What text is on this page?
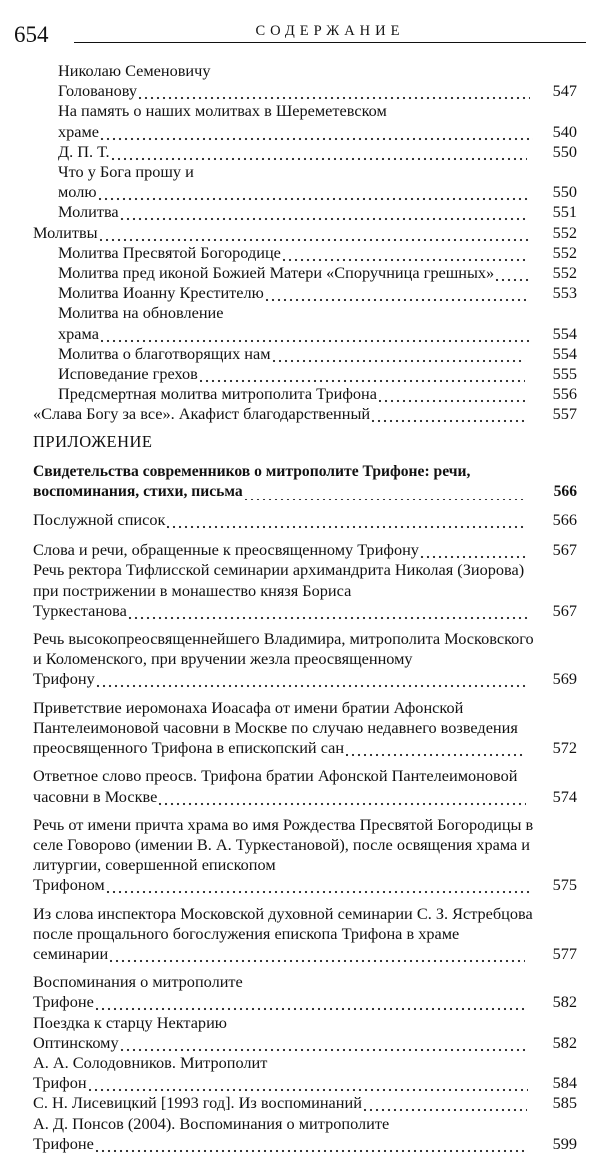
654	СОДЕРЖАНИЕ
Николаю Семеновичу Голованову                                                	547
На память о наших молитвах в Шереметевском храме                                                     	540
Д. П. Т.                                                   	550
Что у Бога прошу и молю                                                     	550
Молитва                                                  	551
Молитвы                                                     	552
Молитва Пресвятой Богородице                              	552
Молитва пред иконой Божией Матери «Споручница грешных»    	552
Молитва Иоанну Крестителю                                	553
Молитва на обновление храма                                                     	554
Молитва о благотворящих нам                               	554
Исповедание грехов                                        	555
Предсмертная молитва митрополита Трифона                  	556
«Слава Богу за все». Акафист благодарственный                   	557
ПРИЛОЖЕНИЕ
Свидетельства современников о митрополите Трифоне: речи, воспоминания, стихи, письма                                    	566
Послужной список                                            	566
Слова и речи, обращенные к преосвященному Трифону             	567
Речь ректора Тифлисской семинарии архимандрита Николая (Зиорова) при пострижении в монашество князя Бориса Туркестанова                                                 	567
Речь высокопреосвященнейшего Владимира, митрополита Московского и Коломенского, при вручении жезла преосвященному Трифону                                                     	569
Приветствие иеромонаха Иоасафа от имени братии Афонской Пантелеимоновой часовни в Москве по случаю недавнего возведения преосвященного Трифона в епископский сан                      	572
Ответное слово преосв. Трифона братии Афонской Пантелеимоновой часовни в Москве                                             	574
Речь от имени причта храма во имя Рождества Пресвятой Богородицы в селе Говорово (имении В. А. Туркестановой), после освящения храма и литургии, совершенной епископом Трифоном                                                    	575
Из слова инспектора Московской духовной семинарии С. З. Ястребцова после прощального богослужения епископа Трифона в храме семинарии                                                   	577
Воспоминания о митрополите Трифоне                                                     	582
Поездка к старцу Нектарию Оптинскому                                                  	582
А. А. Солодовников. Митрополит Трифон                                                      	584
С. Н. Лисевицкий [1993 год]. Из воспоминаний                    	585
А. Д. Понсов (2004). Воспоминания о митрополите Трифоне                                                     	599
